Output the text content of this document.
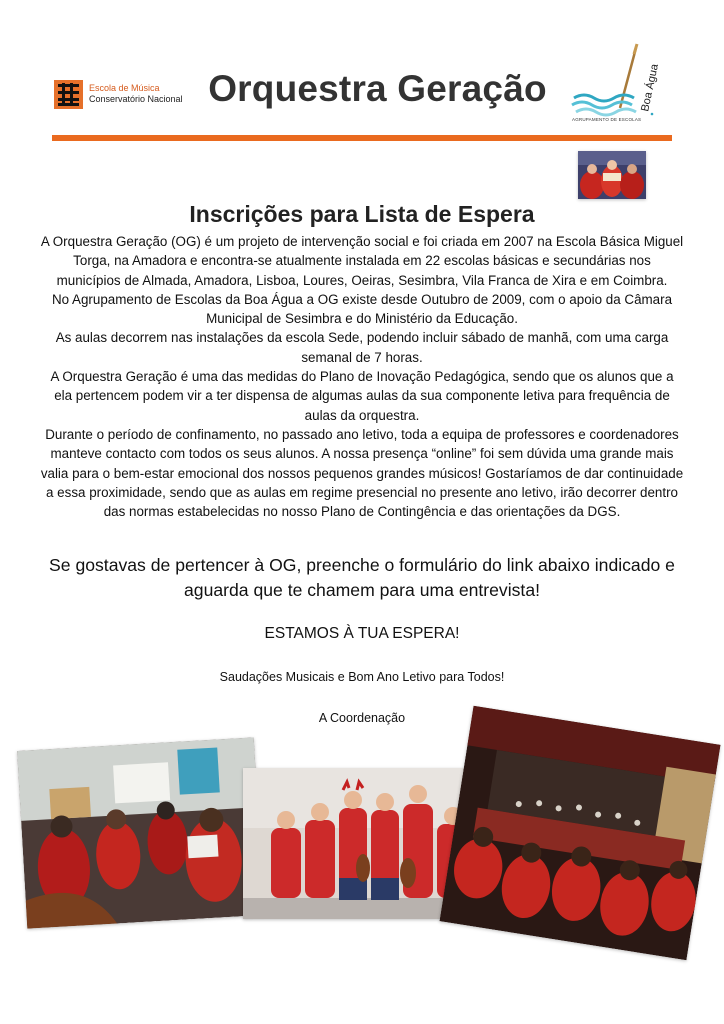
Escola de Música
Conservatório Nacional Orquestra Geração	Boa Água
AGRUPAMENTO DE ESCOLAS
Inscrições para Lista de Espera

A Orquestra Geração (OG) é um projeto de intervenção social e foi criada em 2007 na Escola Básica Miguel Torga, na Amadora e encontra-se atualmente instalada em 22 escolas básicas e secundárias nos municípios de Almada, Amadora, Lisboa, Loures, Oeiras, Sesimbra, Vila Franca de Xira e em Coimbra.

No Agrupamento de Escolas da Boa Água a OG existe desde Outubro de 2009, com o apoio da Câmara Municipal de Sesimbra e do Ministério da Educação.

As aulas decorrem nas instalações da escola Sede, podendo incluir sábado de manhã, com uma carga semanal de 7 horas.

A Orquestra Geração é uma das medidas do Plano de Inovação Pedagógica, sendo que os alunos que a ela pertencem podem vir a ter dispensa de algumas aulas da sua componente letiva para frequência de aulas da orquestra.

Durante o período de confinamento, no passado ano letivo, toda a equipa de professores e coordenadores manteve contacto com todos os seus alunos. A nossa presença “online” foi sem dúvida uma grande mais valia para o bem-estar emocional dos nossos pequenos grandes músicos! Gostaríamos de dar continuidade a essa proximidade, sendo que as aulas em regime presencial no presente ano letivo, irão decorrer dentro das normas estabelecidas no nosso Plano de Contingência e das orientações da DGS.

Se gostavas de pertencer à OG, preenche o formulário do link abaixo indicado e aguarda que te chamem para uma entrevista!

ESTAMOS À TUA ESPERA!
Saudações Musicais e Bom Ano Letivo para Todos!
A Coordenação
